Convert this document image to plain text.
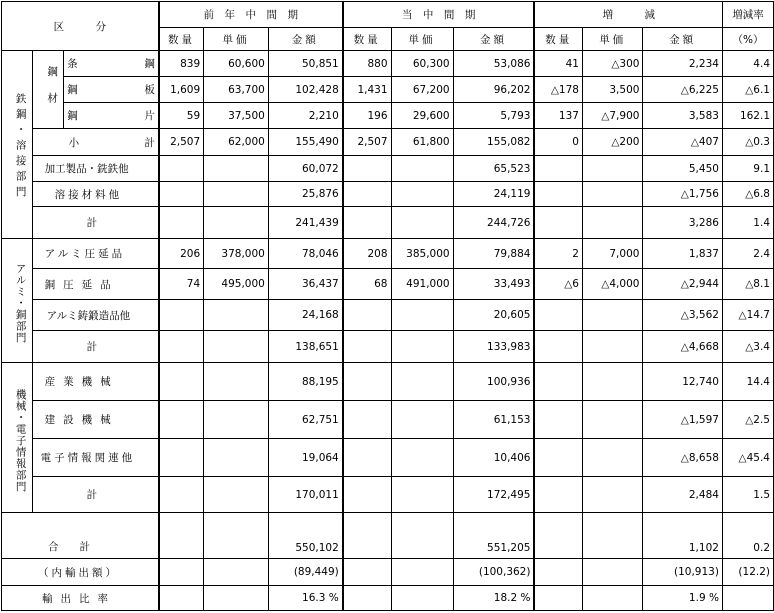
区　　　分			前　年　中　間　期			当　中　間　期			増　　　減			増減率
			数量	単価	金額	数量	単価	金額	数量	単価	金額	（%）
鉄鋼・溶接部門	鋼材	条 鋼	839	60,600	50,851	880	60,300	53,086	41	△300	2,234	4.4

		鋼 板	1,609	63,700	102,428	1,431	67,200	96,202	△178	3,500	△6,225	△6.1

		鋼 片	59	37,500	2,210	196	29,600	5,793	137	△7,900	3,583	162.1

	小 計		2,507	62,000	155,490	2,507	61,800	155,082	0	△200	△407	△0.3
	加工製品・銑鉄他				60,072			65,523			5,450	9.1
	溶接材料他				25,876			24,119			△1,756	△6.8
	計				241,439			244,726			3,286	1.4
アルミ・銅部門	アルミ圧延品		206	378,000	78,046	208	385,000	79,884	2	7,000	1,837	2.4
	銅圧延品		74	495,000	36,437	68	491,000	33,493	△6	△4,000	△2,944	△8.1
	アルミ鋳鍛造品他				24,168			20,605			△3,562	△14.7
	計				138,651			133,983			△4,668	△3.4
機械・電子情報部門	産業機械				88,195			100,936			12,740	14.4
	建設機械				62,751			61,153			△1,597	△2.5
	電子情報関連他				19,064			10,406			△8,658	△45.4
	計				170,011			172,495			2,484	1.5
合　　計					550,102			551,205			1,102	0.2
（内輸出額）					(89,449)			(100,362)			(10,913)	(12.2)
輸出比率					16.3 %			18.2 %			1.9 %	
